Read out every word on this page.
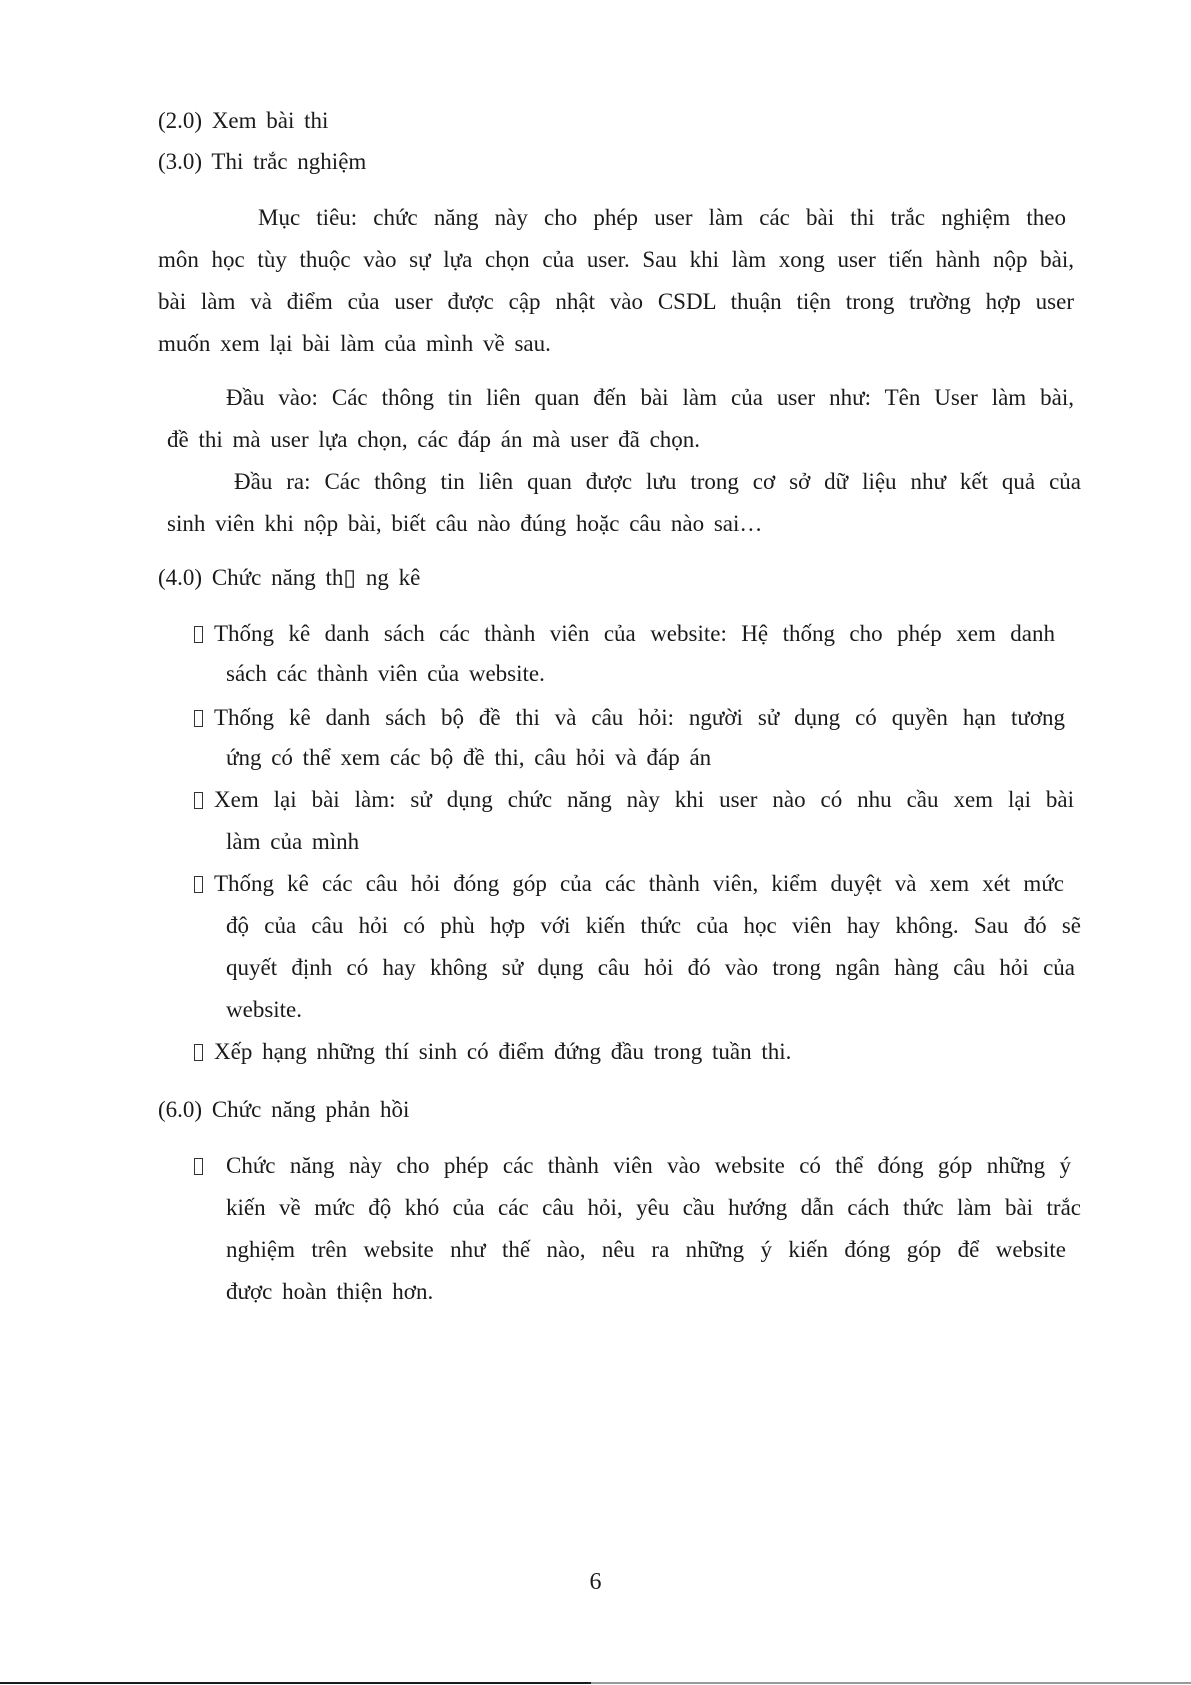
(2.0) Xem bài thi
(3.0) Thi trắc nghiệm
Mục tiêu: chức năng này cho phép user làm các bài thi trắc nghiệm theo
môn học tùy thuộc vào sự lựa chọn của user. Sau khi làm xong user tiến hành nộp bài,
bài làm và điểm của user được cập nhật vào CSDL thuận tiện trong trường hợp user
muốn xem lại bài làm của mình về sau.
Đầu vào: Các thông tin liên quan đến bài làm của user như: Tên User làm bài,
đề thi mà user lựa chọn, các đáp án mà user đã chọn.
Đầu ra: Các thông tin liên quan được lưu trong cơ sở dữ liệu như kết quả của
sinh viên khi nộp bài, biết câu nào đúng hoặc câu nào sai…
(4.0) Chức năng th▯ ng kê
Thống kê danh sách các thành viên của website: Hệ thống cho phép xem danh
sách các thành viên của website.
Thống kê danh sách bộ đề thi và câu hỏi: người sử dụng có quyền hạn tương
ứng có thể xem các bộ đề thi, câu hỏi và đáp án
Xem lại bài làm: sử dụng chức năng này khi user nào có nhu cầu xem lại bài
làm của mình
Thống kê các câu hỏi đóng góp của các thành viên, kiểm duyệt và xem xét mức
độ của câu hỏi có phù hợp với kiến thức của học viên hay không. Sau đó sẽ
quyết định có hay không sử dụng câu hỏi đó vào trong ngân hàng câu hỏi của
website.
Xếp hạng những thí sinh có điểm đứng đầu trong tuần thi.
(6.0) Chức năng phản hồi
Chức năng này cho phép các thành viên vào website có thể đóng góp những ý
kiến về mức độ khó của các câu hỏi, yêu cầu hướng dẫn cách thức làm bài trắc
nghiệm trên website như thế nào, nêu ra những ý kiến đóng góp để website
được hoàn thiện hơn.
6
